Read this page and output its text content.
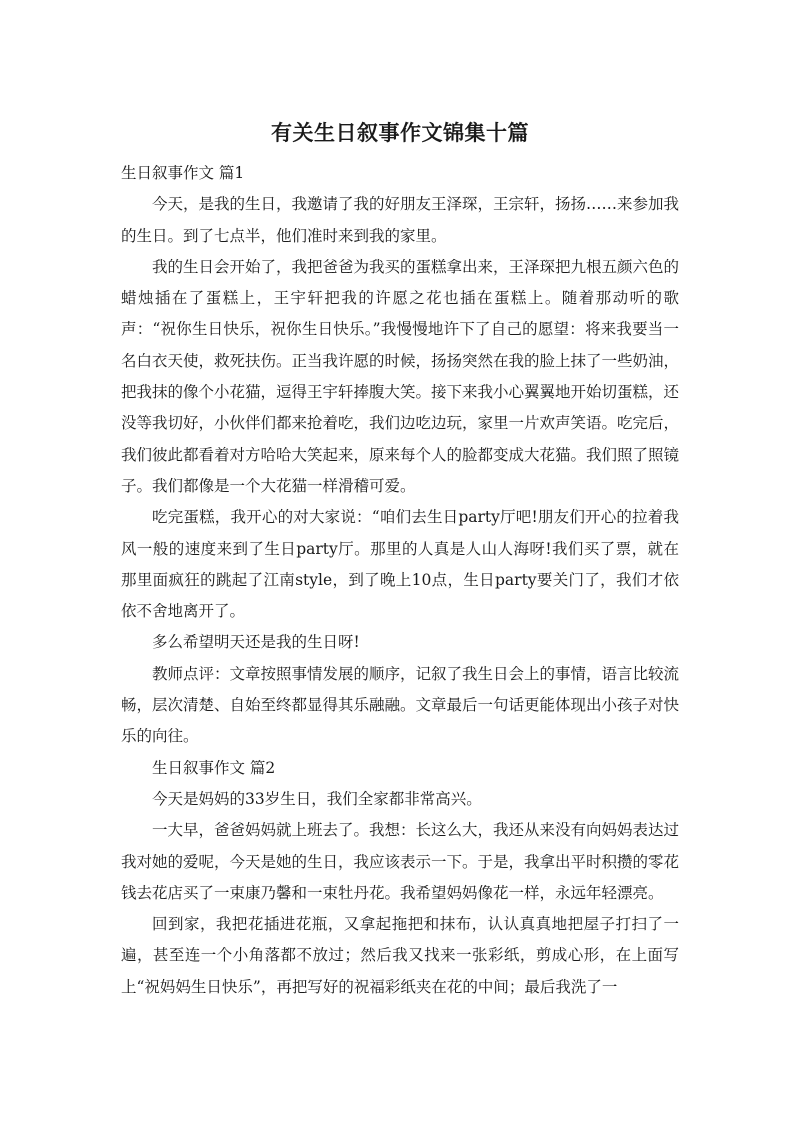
有关生日叙事作文锦集十篇

生日叙事作文 篇1

今天，是我的生日，我邀请了我的好朋友王泽琛，王宗轩，扬扬……来参加我的生日。到了七点半，他们准时来到我的家里。

我的生日会开始了，我把爸爸为我买的蛋糕拿出来，王泽琛把九根五颜六色的蜡烛插在了蛋糕上，王宇轩把我的许愿之花也插在蛋糕上。随着那动听的歌声：“祝你生日快乐，祝你生日快乐。”我慢慢地许下了自己的愿望：将来我要当一名白衣天使，救死扶伤。正当我许愿的时候，扬扬突然在我的脸上抹了一些奶油，把我抹的像个小花猫，逗得王宇轩捧腹大笑。接下来我小心翼翼地开始切蛋糕，还没等我切好，小伙伴们都来抢着吃，我们边吃边玩，家里一片欢声笑语。吃完后，我们彼此都看着对方哈哈大笑起来，原来每个人的脸都变成大花猫。我们照了照镜子。我们都像是一个大花猫一样滑稽可爱。

吃完蛋糕，我开心的对大家说：“咱们去生日party厅吧!朋友们开心的拉着我风一般的速度来到了生日party厅。那里的人真是人山人海呀!我们买了票，就在那里面疯狂的跳起了江南style，到了晚上10点，生日party要关门了，我们才依依不舍地离开了。

多么希望明天还是我的生日呀!

教师点评：文章按照事情发展的顺序，记叙了我生日会上的事情，语言比较流畅，层次清楚、自始至终都显得其乐融融。文章最后一句话更能体现出小孩子对快乐的向往。

生日叙事作文 篇2

今天是妈妈的33岁生日，我们全家都非常高兴。

一大早，爸爸妈妈就上班去了。我想：长这么大，我还从来没有向妈妈表达过我对她的爱呢，今天是她的生日，我应该表示一下。于是，我拿出平时积攒的零花钱去花店买了一束康乃馨和一束牡丹花。我希望妈妈像花一样，永远年轻漂亮。

回到家，我把花插进花瓶，又拿起拖把和抹布，认认真真地把屋子打扫了一遍，甚至连一个小角落都不放过；然后我又找来一张彩纸，剪成心形，在上面写上“祝妈妈生日快乐”，再把写好的祝福彩纸夹在花的中间；最后我洗了一
